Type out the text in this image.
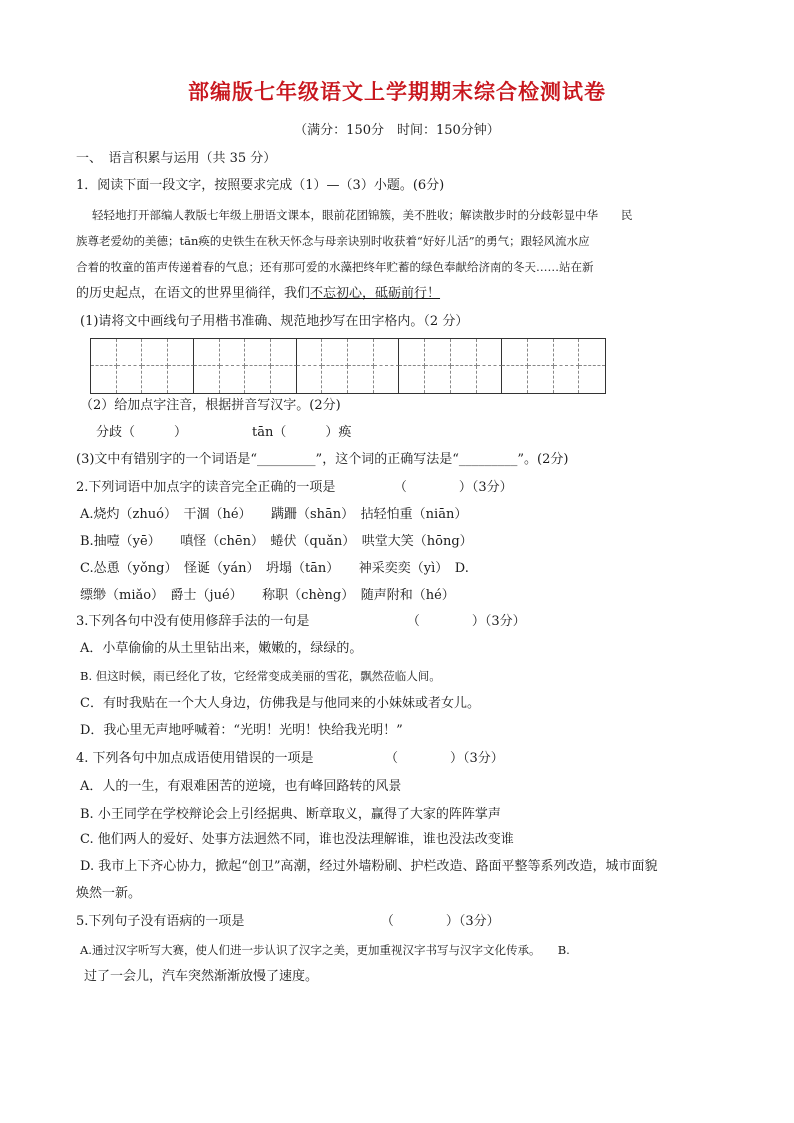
部编版七年级语文上学期期末综合检测试卷
（满分：150分　时间：150分钟）
一、　语言积累与运用（共 35 分）
1．阅读下面一段文字，按照要求完成（1）—（3）小题。(6分)
轻轻地打开部编人教版七年级上册语文课本，眼前花团锦簇，美不胜收；解读散步时的分歧彰显中华　　民
族尊老爱幼的美德；tān痪的史铁生在秋天怀念与母亲诀别时收获着“好好儿活”的勇气；跟轻风流水应
合着的牧童的笛声传递着春的气息；还有那可爱的水藻把终年贮蓄的绿色奉献给济南的冬天……站在新
的历史起点，在语文的世界里徜徉，我们不忘初心，砥砺前行！
(1)请将文中画线句子用楷书准确、规范地抄写在田字格内。（2 分）
（2）给加点字注音，根据拼音写汉字。(2分)
分歧（　　　）	tān（　　　）痪
(3)文中有错别字的一个词语是“_________”，这个词的正确写法是“_________”。(2分)
2.下列词语中加点字的读音完全正确的一项是　　　　　（　　　　）（3分）
A.烧灼（zhuó）　干涸（hé）　　蹒跚（shān）　拈轻怕重（niān）
B.抽噎（yē）　　嗔怪（chēn）　蜷伏（quǎn）　哄堂大笑（hōng）
C.怂恿（yǒng）　怪诞（yán）　坍塌（tān）　　神采奕奕（yì）　D.
缥缈（miǎo）　爵士（jué）　　称职（chèng）　随声附和（hé）
3.下列各句中没有使用修辞手法的一句是　　　　　　　　（　　　　）（3分）
A．小草偷偷的从土里钻出来，嫩嫩的，绿绿的。
B. 但这时候，雨已经化了妆，它经常变成美丽的雪花，飘然莅临人间。
C．有时我贴在一个大人身边，仿佛我是与他同来的小妹妹或者女儿。
D．我心里无声地呼喊着：“光明！光明！快给我光明！”
4. 下列各句中加点成语使用错误的一项是　　　　　　（　　　　）（3分）
A．人的一生，有艰难困苦的逆境，也有峰回路转的风景
B. 小王同学在学校辩论会上引经据典、断章取义，赢得了大家的阵阵掌声
C. 他们两人的爱好、处事方法迥然不同，谁也没法理解谁，谁也没法改变谁
D. 我市上下齐心协力，掀起“创卫”高潮，经过外墙粉刷、护栏改造、路面平整等系列改造，城市面貌
焕然一新。
5.下列句子没有语病的一项是　　　　　　　　　　　（　　　　）（3分）
A.通过汉字听写大赛，使人们进一步认识了汉字之美，更加重视汉字书写与汉字文化传承。　　B.
过了一会儿，汽车突然渐渐放慢了速度。
